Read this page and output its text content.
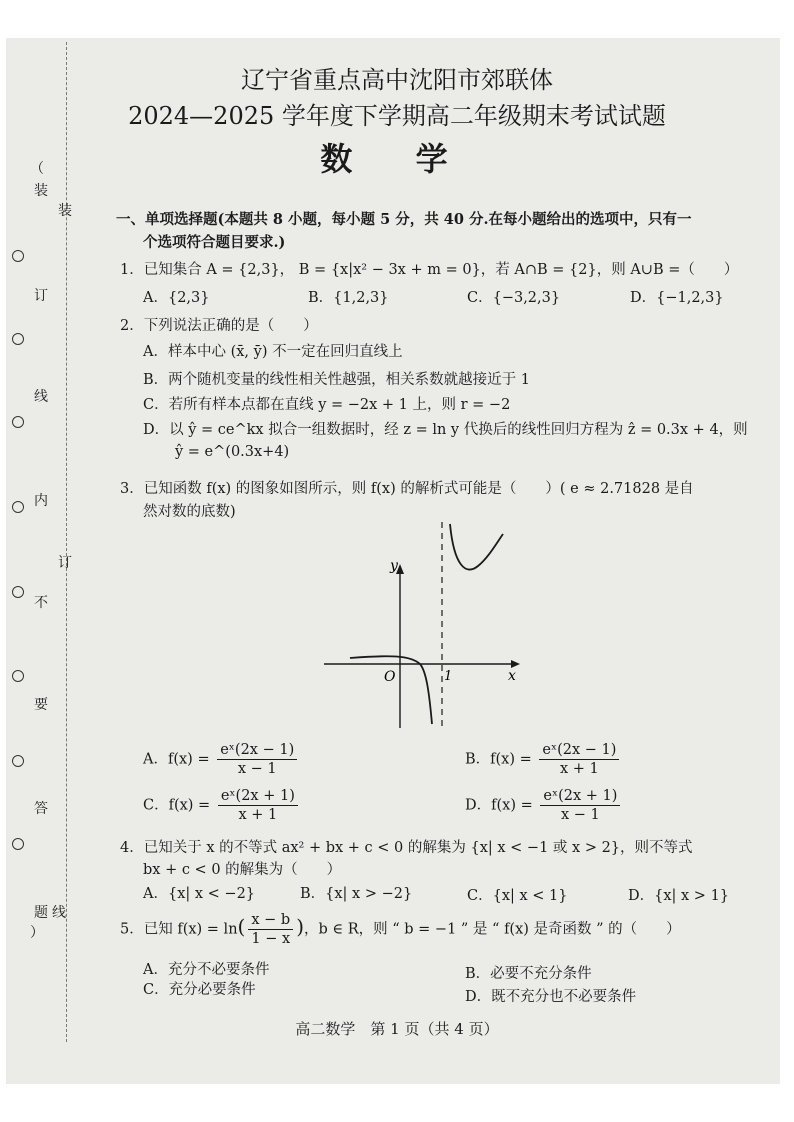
（
装
订
线
内
不
要
答
题
）
装
订
线
辽宁省重点高中沈阳市郊联体
2024—2025 学年度下学期高二年级期末考试试题
数 学
一、单项选择题(本题共 8 小题，每小题 5 分，共 40 分.在每小题给出的选项中，只有一
个选项符合题目要求.)
1．已知集合 A = {2,3}， B = {x|x² − 3x + m = 0}，若 A∩B = {2}，则 A∪B =（　　）
A．{2,3}	B．{1,2,3}	C．{−3,2,3}	D．{−1,2,3}
2．下列说法正确的是（　　）
A．样本中心 (x̄, ȳ) 不一定在回归直线上
B．两个随机变量的线性相关性越强，相关系数就越接近于 1
C．若所有样本点都在直线 y = −2x + 1 上，则 r = −2
D．以 ŷ = ce^kx 拟合一组数据时，经 z = ln y 代换后的线性回归方程为 ẑ = 0.3x + 4，则
ŷ = e^(0.3x+4)
3．已知函数 f(x) 的图象如图所示，则 f(x) 的解析式可能是（　　）( e ≈ 2.71828 是自
然对数的底数)
y
x
O	1
A．$f(x) = \frac{\text{eˣ(2x − 1)}}{x - 1}$	B．$f(x) = \frac{\text{eˣ(2x − 1)}}{x + 1}$
C．$f(x) = \frac{\text{eˣ(2x + 1)}}{x + 1}$	D．$f(x) = \frac{\text{eˣ(2x + 1)}}{x - 1}$
4．已知关于 x 的不等式 ax² + bx + c < 0 的解集为 {x| x < −1 或 x > 2}，则不等式
bx + c < 0 的解集为（　　）
A．{x| x < −2}	B．{x| x > −2}	C．{x| x < 1}	D．{x| x > 1}
5．已知 $f(x) = \ln( \frac{x - b}{1 - x}$ )，b ∈ R，则 “ b = −1 ” 是 “ f(x) 是奇函数 ” 的（　　）
A．充分不必要条件	B．必要不充分条件
C．充分必要条件	D．既不充分也不必要条件
高二数学　第 1 页（共 4 页）
